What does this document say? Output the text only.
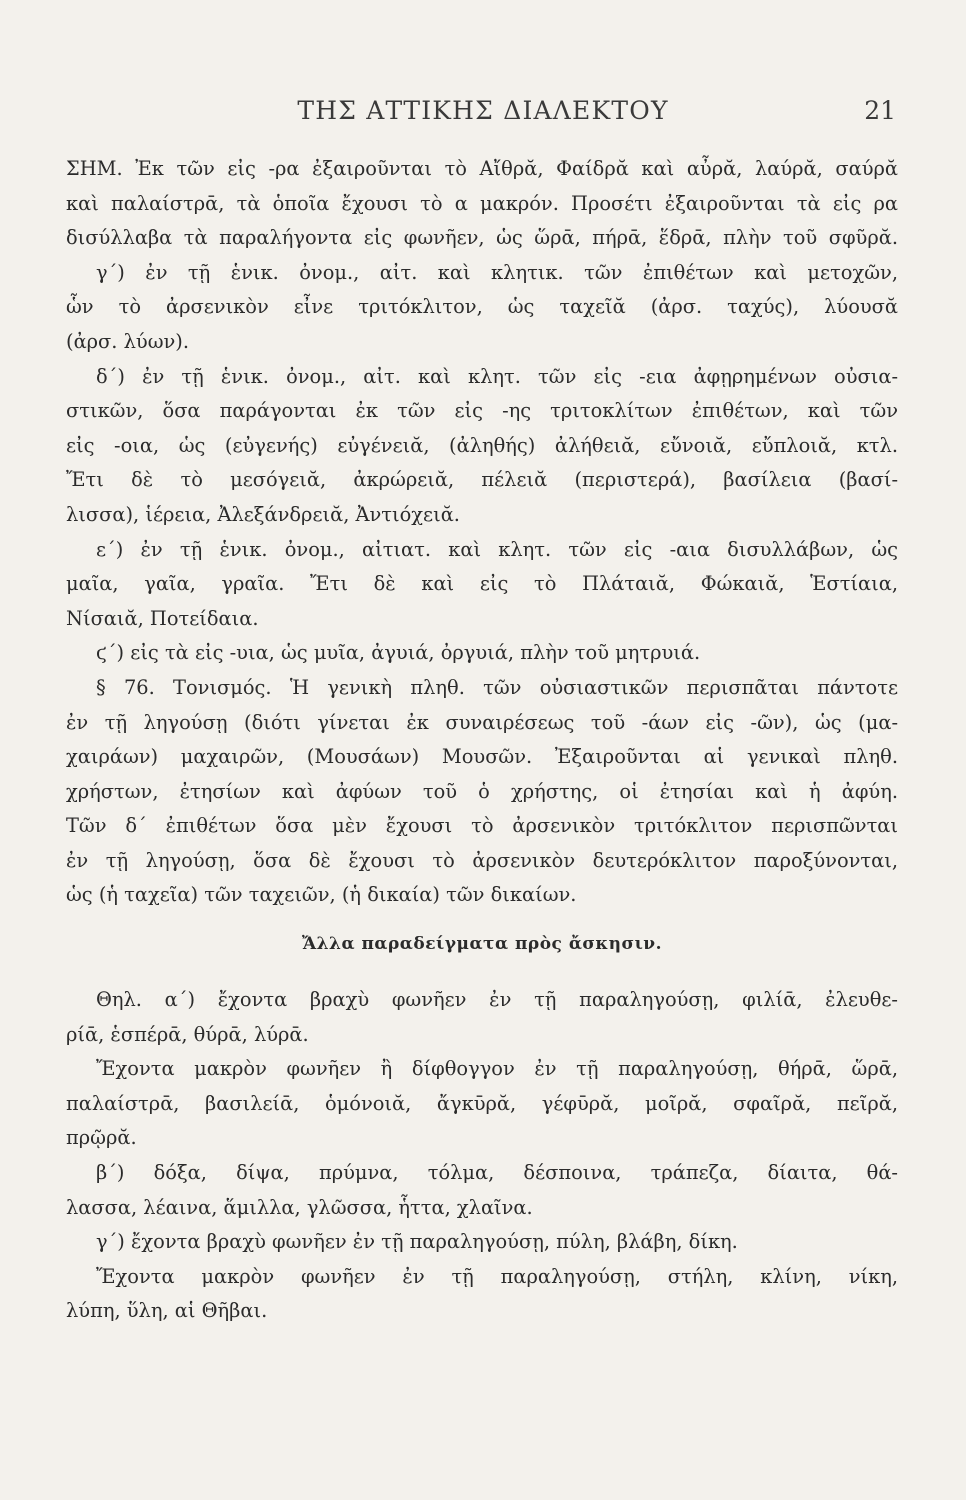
ΤΗΣ ΑΤΤΙΚΗΣ ΔΙΑΛΕΚΤΟΥ	21
ΣΗΜ. Ἐκ τῶν εἰς -ρα ἐξαιροῦνται τὸ Αἴθρᾰ, Φαίδρᾰ καὶ αὖρᾰ, λαύρᾰ, σαύρᾰ
καὶ παλαίστρᾱ, τὰ ὁποῖα ἔχουσι τὸ α μακρόν. Προσέτι ἐξαιροῦνται τὰ εἰς ρα
δισύλλαβα τὰ παραλήγοντα εἰς φωνῆεν, ὡς ὥρᾱ, πήρᾱ, ἕδρᾱ, πλὴν τοῦ σφῦρᾰ.
γ΄) ἐν τῇ ἑνικ. ὀνομ., αἰτ. καὶ κλητικ. τῶν ἐπιθέτων καὶ μετοχῶν,
ὧν τὸ ἀρσενικὸν εἶνε τριτόκλιτον, ὡς ταχεῖᾰ (ἀρσ. ταχύς), λύουσᾰ
(ἀρσ. λύων).
δ΄) ἐν τῇ ἑνικ. ὀνομ., αἰτ. καὶ κλητ. τῶν εἰς -εια ἀφῃρημένων οὐσια-
στικῶν, ὅσα παράγονται ἐκ τῶν εἰς -ης τριτοκλίτων ἐπιθέτων, καὶ τῶν
εἰς -οια, ὡς (εὐγενής) εὐγένειᾰ, (ἀληθής) ἀλήθειᾰ, εὔνοιᾰ, εὔπλοιᾰ, κτλ.
Ἔτι δὲ τὸ μεσόγειᾰ, ἀκρώρειᾰ, πέλειᾰ (περιστερά), βασίλεια (βασί-
λισσα), ἱέρεια, Ἀλεξάνδρειᾰ, Ἀντιόχειᾰ.
ε΄) ἐν τῇ ἑνικ. ὀνομ., αἰτιατ. καὶ κλητ. τῶν εἰς -αια δισυλλάβων, ὡς
μαῖα, γαῖα, γραῖα. Ἔτι δὲ καὶ εἰς τὸ Πλάταιᾰ, Φώκαιᾰ, Ἑστίαια,
Νίσαιᾰ, Ποτείδαια.
ϛ΄) εἰς τὰ εἰς -υια, ὡς μυῖα, ἀγυιά, ὀργυιά, πλὴν τοῦ μητρυιά.
§ 76. Τονισμός. Ἡ γενικὴ πληθ. τῶν οὐσιαστικῶν περισπᾶται πάντοτε
ἐν τῇ ληγούσῃ (διότι γίνεται ἐκ συναιρέσεως τοῦ -άων εἰς -ῶν), ὡς (μα-
χαιράων) μαχαιρῶν, (Μουσάων) Μουσῶν. Ἐξαιροῦνται αἱ γενικαὶ πληθ.
χρήστων, ἐτησίων καὶ ἀφύων τοῦ ὁ χρήστης, οἱ ἐτησίαι καὶ ἡ ἀφύη.
Τῶν δ΄ ἐπιθέτων ὅσα μὲν ἔχουσι τὸ ἀρσενικὸν τριτόκλιτον περισπῶνται
ἐν τῇ ληγούσῃ, ὅσα δὲ ἔχουσι τὸ ἀρσενικὸν δευτερόκλιτον παροξύνονται,
ὡς (ἡ ταχεῖα) τῶν ταχειῶν, (ἡ δικαία) τῶν δικαίων.
Ἄλλα παραδείγματα πρὸς ἄσκησιν.
Θηλ. α΄) ἔχοντα βραχὺ φωνῆεν ἐν τῇ παραληγούσῃ, φιλίᾱ, ἐλευθε-
ρίᾱ, ἑσπέρᾱ, θύρᾱ, λύρᾱ.
Ἔχοντα μακρὸν φωνῆεν ἢ δίφθογγον ἐν τῇ παραληγούσῃ, θήρᾱ, ὥρᾱ,
παλαίστρᾱ, βασιλείᾱ, ὁμόνοιᾰ, ἄγκῡρᾰ, γέφῡρᾰ, μοῖρᾰ, σφαῖρᾰ, πεῖρᾰ,
πρῷρᾰ.
β΄) δόξα, δίψα, πρύμνα, τόλμα, δέσποινα, τράπεζα, δίαιτα, θά-
λασσα, λέαινα, ἅμιλλα, γλῶσσα, ἧττα, χλαῖνα.
γ΄) ἔχοντα βραχὺ φωνῆεν ἐν τῇ παραληγούσῃ, πύλη, βλάβη, δίκη.
Ἔχοντα μακρὸν φωνῆεν ἐν τῇ παραληγούσῃ, στήλη, κλίνη, νίκη,
λύπη, ὕλη, αἱ Θῆβαι.
